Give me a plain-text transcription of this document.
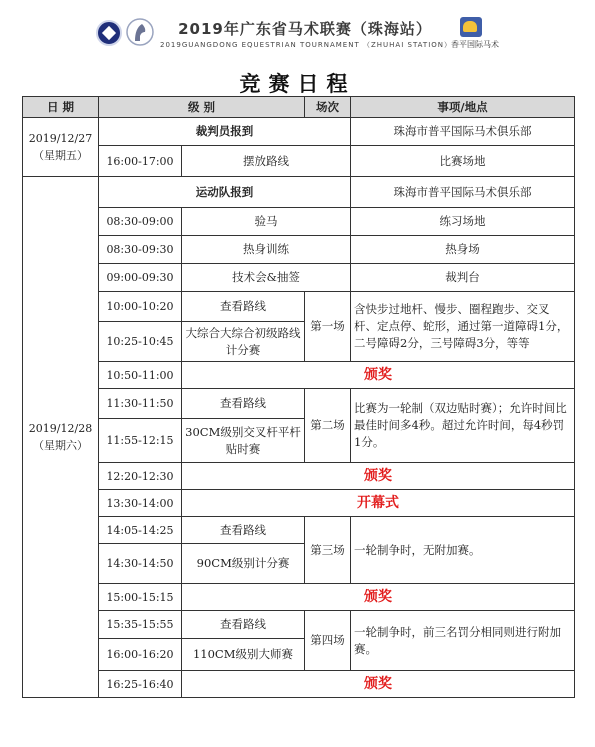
2019年广东省马术联赛（珠海站）
2019GUANGDONG EQUESTRIAN TOURNAMENT （ZHUHAI STATION）
香平国际马术
竞赛日程
日 期	级 别		场次	事项/地点
2019/12/27
（星期五）	裁判员报到			珠海市普平国际马术俱乐部
	16:00-17:00	摆放路线		比赛场地
2019/12/28
（星期六）	运动队报到			珠海市普平国际马术俱乐部
	08:30-09:00	验马		练习场地
	08:30-09:30	热身训练		热身场
	09:00-09:30	技术会&抽签		裁判台
	10:00-10:20	查看路线	第一场	含快步过地杆、慢步、圈程跑步、交叉杆、定点停、蛇形，通过第一道障碍1分，二号障碍2分，三号障碍3分，等等
	10:25-10:45	大综合大综合初级路线计分赛		
	10:50-11:00	颁奖		
	11:30-11:50	查看路线	第二场	比赛为一轮制（双边贴时赛）；允许时间比最佳时间多4秒。超过允许时间，每4秒罚1分。
	11:55-12:15	30CM级别交叉杆平杆贴时赛		
	12:20-12:30	颁奖		
	13:30-14:00	开幕式		
	14:05-14:25	查看路线	第三场	一轮制争时，无附加赛。
	14:30-14:50	90CM级别计分赛		
	15:00-15:15	颁奖		
	15:35-15:55	查看路线	第四场	一轮制争时，前三名罚分相同则进行附加赛。
	16:00-16:20	110CM级别大师赛		
	16:25-16:40	颁奖		
